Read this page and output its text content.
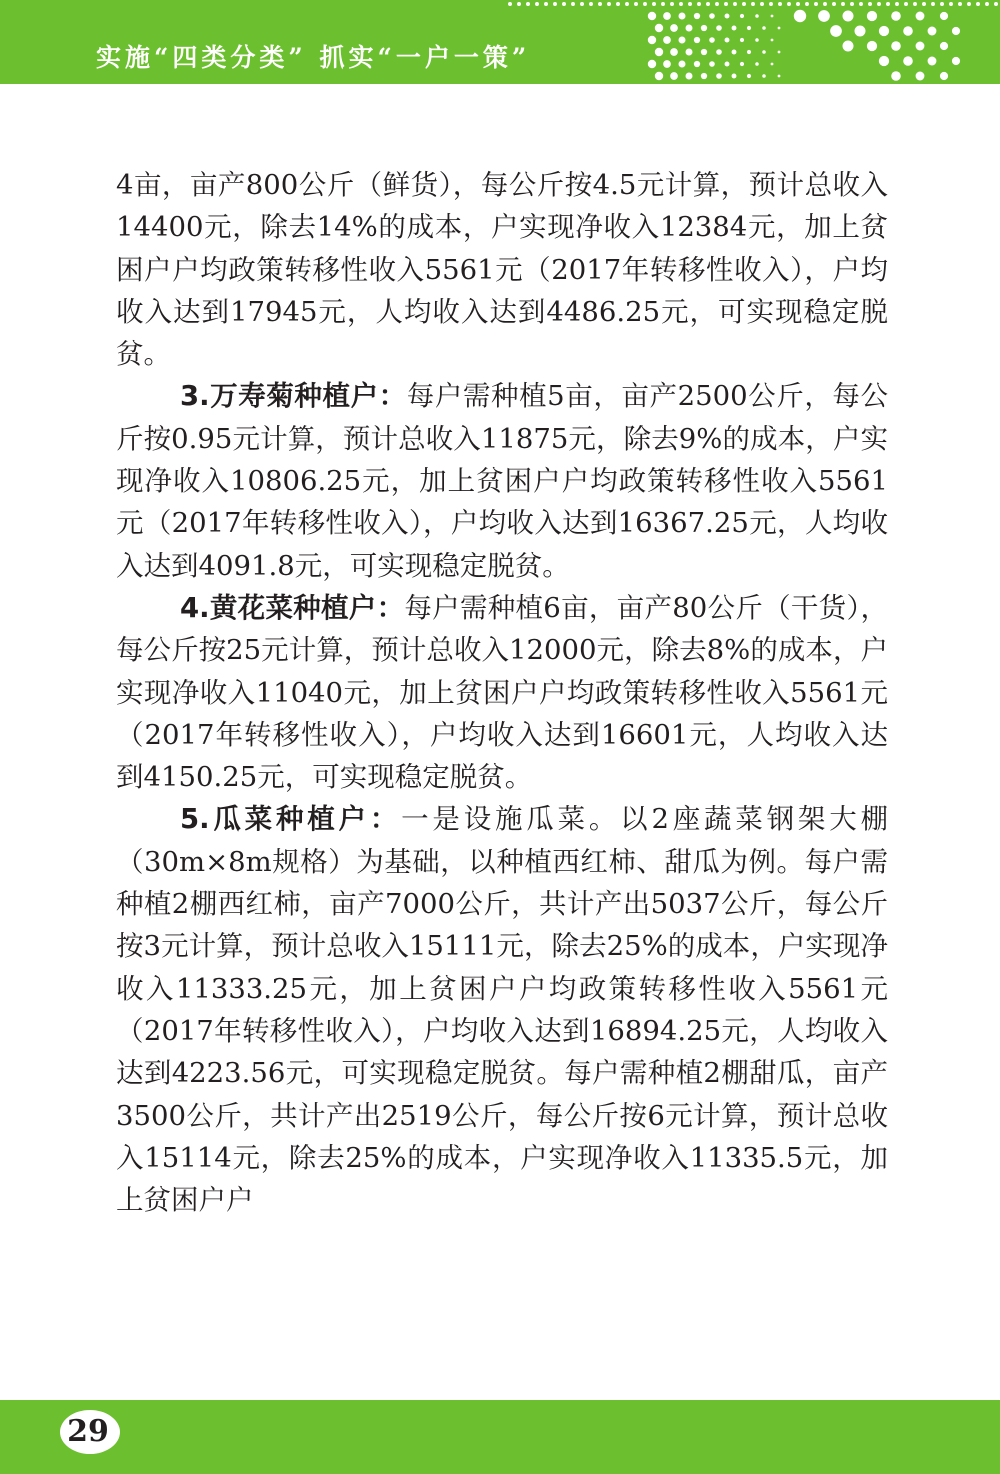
实施“四类分类” 抓实“一户一策”

4亩，亩产800公斤（鲜货），每公斤按4.5元计算，预计总收入14400元，除去14%的成本，户实现净收入12384元，加上贫困户户均政策转移性收入5561元（2017年转移性收入），户均收入达到17945元，人均收入达到4486.25元，可实现稳定脱贫。

3.万寿菊种植户：每户需种植5亩，亩产2500公斤，每公斤按0.95元计算，预计总收入11875元，除去9%的成本，户实现净收入10806.25元，加上贫困户户均政策转移性收入5561元（2017年转移性收入），户均收入达到16367.25元，人均收入达到4091.8元，可实现稳定脱贫。

4.黄花菜种植户：每户需种植6亩，亩产80公斤（干货），每公斤按25元计算，预计总收入12000元，除去8%的成本，户实现净收入11040元，加上贫困户户均政策转移性收入5561元（2017年转移性收入），户均收入达到16601元，人均收入达到4150.25元，可实现稳定脱贫。

5.瓜菜种植户：一是设施瓜菜。以2座蔬菜钢架大棚（30m×8m规格）为基础，以种植西红柿、甜瓜为例。每户需种植2棚西红柿，亩产7000公斤，共计产出5037公斤，每公斤按3元计算，预计总收入15111元，除去25%的成本，户实现净收入11333.25元，加上贫困户户均政策转移性收入5561元（2017年转移性收入），户均收入达到16894.25元，人均收入达到4223.56元，可实现稳定脱贫。每户需种植2棚甜瓜，亩产3500公斤，共计产出2519公斤，每公斤按6元计算，预计总收入15114元，除去25%的成本，户实现净收入11335.5元，加上贫困户户

29
